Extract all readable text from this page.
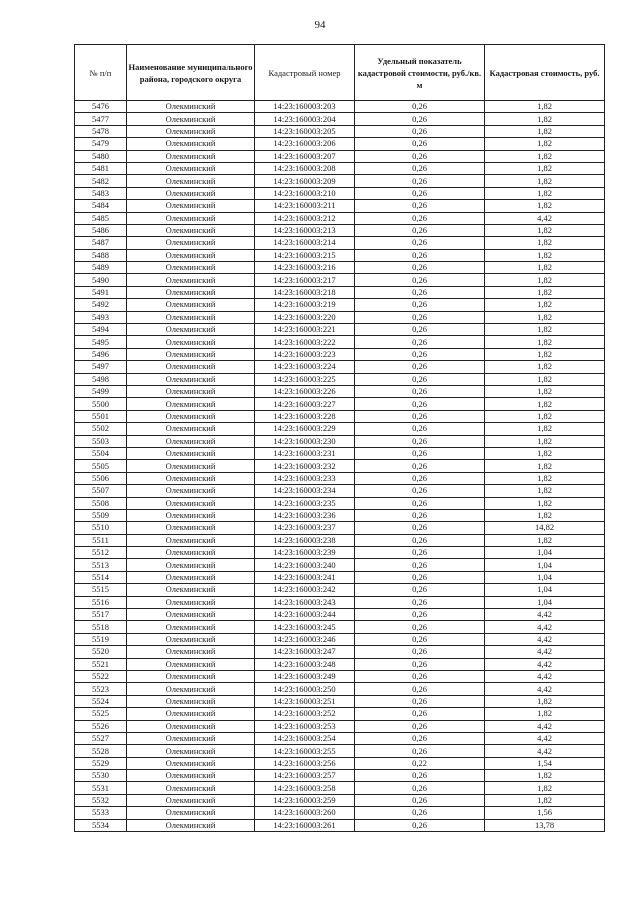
94
№ п/п	Наименование муниципального района, городского округа	Кадастровый номер	Удельный показатель кадастровой стоимости, руб./кв. м	Кадастровая стоимость, руб.
5476	Олекминский	14:23:160003:203	0,26	1,82
5477	Олекминский	14:23:160003:204	0,26	1,82
5478	Олекминский	14:23:160003:205	0,26	1,82
5479	Олекминский	14:23:160003:206	0,26	1,82
5480	Олекминский	14:23:160003:207	0,26	1,82
5481	Олекминский	14:23:160003:208	0,26	1,82
5482	Олекминский	14:23:160003:209	0,26	1,82
5483	Олекминский	14:23:160003:210	0,26	1,82
5484	Олекминский	14:23:160003:211	0,26	1,82
5485	Олекминский	14:23:160003:212	0,26	4,42
5486	Олекминский	14:23:160003:213	0,26	1,82
5487	Олекминский	14:23:160003:214	0,26	1,82
5488	Олекминский	14:23:160003:215	0,26	1,82
5489	Олекминский	14:23:160003:216	0,26	1,82
5490	Олекминский	14:23:160003:217	0,26	1,82
5491	Олекминский	14:23:160003:218	0,26	1,82
5492	Олекминский	14:23:160003:219	0,26	1,82
5493	Олекминский	14:23:160003:220	0,26	1,82
5494	Олекминский	14:23:160003:221	0,26	1,82
5495	Олекминский	14:23:160003:222	0,26	1,82
5496	Олекминский	14:23:160003:223	0,26	1,82
5497	Олекминский	14:23:160003:224	0,26	1,82
5498	Олекминский	14:23:160003:225	0,26	1,82
5499	Олекминский	14:23:160003:226	0,26	1,82
5500	Олекминский	14:23:160003:227	0,26	1,82
5501	Олекминский	14:23:160003:228	0,26	1,82
5502	Олекминский	14:23:160003:229	0,26	1,82
5503	Олекминский	14:23:160003:230	0,26	1,82
5504	Олекминский	14:23:160003:231	0,26	1,82
5505	Олекминский	14:23:160003:232	0,26	1,82
5506	Олекминский	14:23:160003:233	0,26	1,82
5507	Олекминский	14:23:160003:234	0,26	1,82
5508	Олекминский	14:23:160003:235	0,26	1,82
5509	Олекминский	14:23:160003:236	0,26	1,82
5510	Олекминский	14:23:160003:237	0,26	14,82
5511	Олекминский	14:23:160003:238	0,26	1,82
5512	Олекминский	14:23:160003:239	0,26	1,04
5513	Олекминский	14:23:160003:240	0,26	1,04
5514	Олекминский	14:23:160003:241	0,26	1,04
5515	Олекминский	14:23:160003:242	0,26	1,04
5516	Олекминский	14:23:160003:243	0,26	1,04
5517	Олекминский	14:23:160003:244	0,26	4,42
5518	Олекминский	14:23:160003:245	0,26	4,42
5519	Олекминский	14:23:160003:246	0,26	4,42
5520	Олекминский	14:23:160003:247	0,26	4,42
5521	Олекминский	14:23:160003:248	0,26	4,42
5522	Олекминский	14:23:160003:249	0,26	4,42
5523	Олекминский	14:23:160003:250	0,26	4,42
5524	Олекминский	14:23:160003:251	0,26	1,82
5525	Олекминский	14:23:160003:252	0,26	1,82
5526	Олекминский	14:23:160003:253	0,26	4,42
5527	Олекминский	14:23:160003:254	0,26	4,42
5528	Олекминский	14:23:160003:255	0,26	4,42
5529	Олекминский	14:23:160003:256	0,22	1,54
5530	Олекминский	14:23:160003:257	0,26	1,82
5531	Олекминский	14:23:160003:258	0,26	1,82
5532	Олекминский	14:23:160003:259	0,26	1,82
5533	Олекминский	14:23:160003:260	0,26	1,56
5534	Олекминский	14:23:160003:261	0,26	13,78
